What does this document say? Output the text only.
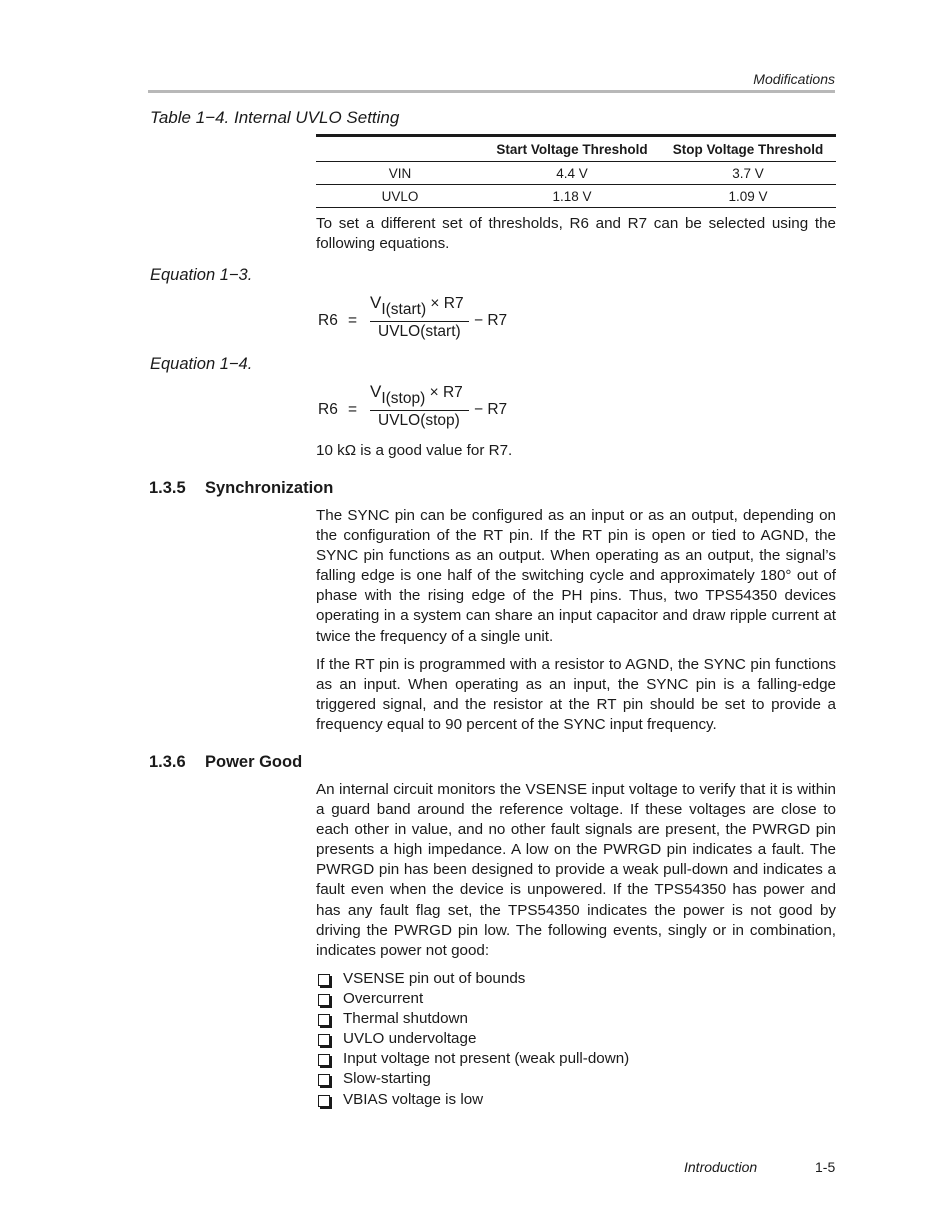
Modifications
Table 1−4. Internal UVLO Setting
	Start Voltage Threshold	Stop Voltage Threshold
VIN	4.4 V	3.7 V
UVLO	1.18 V	1.09 V

To set a different set of thresholds, R6 and R7 can be selected using the following equations.

Equation 1−3.
R6 =
VI(start) × R7
UVLO(start)
− R7
Equation 1−4.
R6 =
VI(stop) × R7
UVLO(stop)
− R7

10 kΩ is a good value for R7.

1.3.5 Synchronization

The SYNC pin can be configured as an input or as an output, depending on the configuration of the RT pin. If the RT pin is open or tied to AGND, the SYNC pin functions as an output. When operating as an output, the signal’s falling edge is one half of the switching cycle and approximately 180° out of phase with the rising edge of the PH pins. Thus, two TPS54350 devices operating in a system can share an input capacitor and draw ripple current at twice the frequency of a single unit.

If the RT pin is programmed with a resistor to AGND, the SYNC pin functions as an input. When operating as an input, the SYNC pin is a falling-edge triggered signal, and the resistor at the RT pin should be set to provide a frequency equal to 90 percent of the SYNC input frequency.

1.3.6 Power Good

An internal circuit monitors the VSENSE input voltage to verify that it is within a guard band around the reference voltage. If these voltages are close to each other in value, and no other fault signals are present, the PWRGD pin presents a high impedance. A low on the PWRGD pin indicates a fault. The PWRGD pin has been designed to provide a weak pull-down and indicates a fault even when the device is unpowered. If the TPS54350 has power and has any fault flag set, the TPS54350 indicates the power is not good by driving the PWRGD pin low. The following events, singly or in combination, indicates power not good:

VSENSE pin out of bounds
Overcurrent
Thermal shutdown
UVLO undervoltage
Input voltage not present (weak pull-down)
Slow-starting
VBIAS voltage is low
Introduction	1-5
